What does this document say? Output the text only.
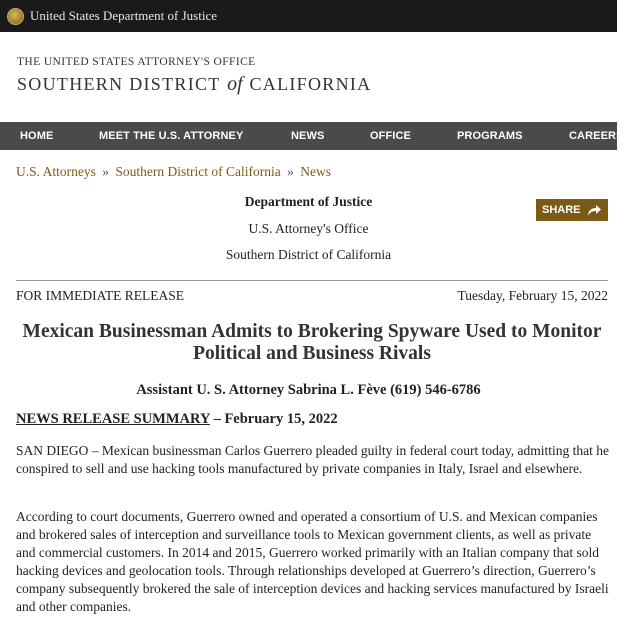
United States Department of Justice
THE UNITED STATES ATTORNEY'S OFFICE
SOUTHERN DISTRICT of CALIFORNIA
HOME	MEET THE U.S. ATTORNEY	NEWS	OFFICE	PROGRAMS	CAREERS
U.S. Attorneys » Southern District of California » News
SHARE
Department of Justice
U.S. Attorney's Office
Southern District of California
FOR IMMEDIATE RELEASE	Tuesday, February 15, 2022
Mexican Businessman Admits to Brokering Spyware Used to Monitor Political and Business Rivals
Assistant U. S. Attorney Sabrina L. Fève (619) 546-6786
NEWS RELEASE SUMMARY – February 15, 2022

SAN DIEGO – Mexican businessman Carlos Guerrero pleaded guilty in federal court today, admitting that he conspired to sell and use hacking tools manufactured by private companies in Italy, Israel and elsewhere.

According to court documents, Guerrero owned and operated a consortium of U.S. and Mexican companies and brokered sales of interception and surveillance tools to Mexican government clients, as well as private and commercial customers. In 2014 and 2015, Guerrero worked primarily with an Italian company that sold hacking devices and geolocation tools. Through relationships developed at Guerrero’s direction, Guerrero’s company subsequently brokered the sale of interception devices and hacking services manufactured by Israeli and other companies.
